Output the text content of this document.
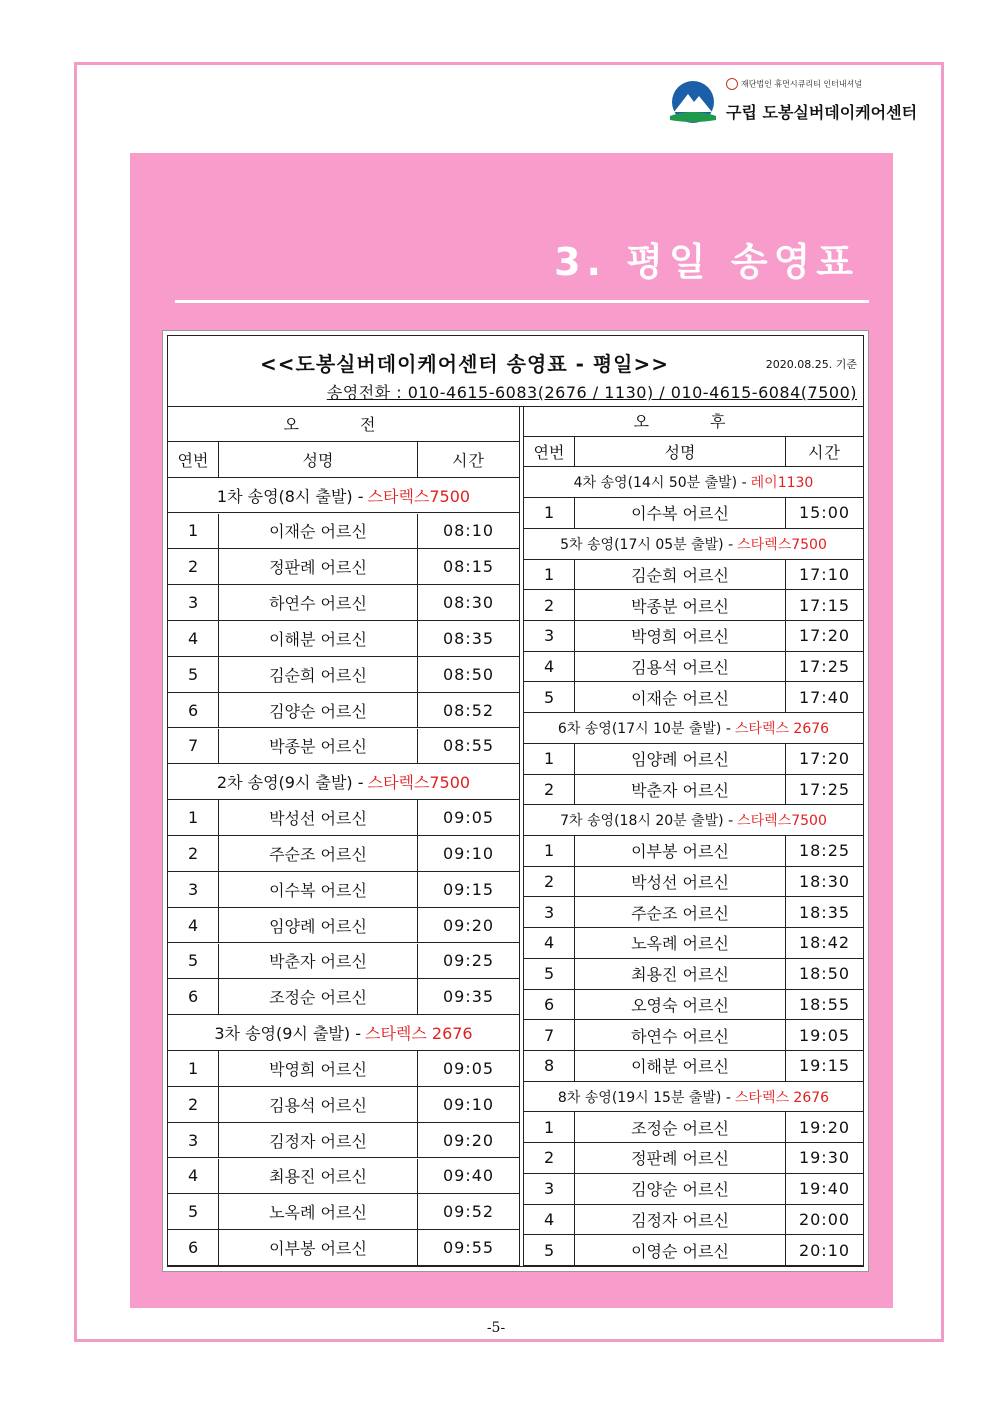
재단법인 휴먼시큐리티 인터내셔널
구립 도봉실버데이케어센터
3. 평일 송영표
<<도봉실버데이케어센터 송영표 - 평일>>	2020.08.25. 기준
송영전화 : 010-4615-6083(2676 / 1130) / 010-4615-6084(7500)
오 전
연번	성명	시간
1차 송영(8시 출발) - 스타렉스7500
1	이재순 어르신	08:10
2	정판례 어르신	08:15
3	하연수 어르신	08:30
4	이해분 어르신	08:35
5	김순희 어르신	08:50
6	김양순 어르신	08:52
7	박종분 어르신	08:55
2차 송영(9시 출발) - 스타렉스7500
1	박성선 어르신	09:05
2	주순조 어르신	09:10
3	이수복 어르신	09:15
4	임양례 어르신	09:20
5	박춘자 어르신	09:25
6	조정순 어르신	09:35
3차 송영(9시 출발) - 스타렉스 2676
1	박영희 어르신	09:05
2	김용석 어르신	09:10
3	김정자 어르신	09:20
4	최용진 어르신	09:40
5	노옥례 어르신	09:52
6	이부봉 어르신	09:55
오 후
연번	성명	시간
4차 송영(14시 50분 출발) - 레이1130
1	이수복 어르신	15:00
5차 송영(17시 05분 출발) - 스타렉스7500
1	김순희 어르신	17:10
2	박종분 어르신	17:15
3	박영희 어르신	17:20
4	김용석 어르신	17:25
5	이재순 어르신	17:40
6차 송영(17시 10분 출발) - 스타렉스 2676
1	임양례 어르신	17:20
2	박춘자 어르신	17:25
7차 송영(18시 20분 출발) - 스타렉스7500
1	이부봉 어르신	18:25
2	박성선 어르신	18:30
3	주순조 어르신	18:35
4	노옥례 어르신	18:42
5	최용진 어르신	18:50
6	오영숙 어르신	18:55
7	하연수 어르신	19:05
8	이해분 어르신	19:15
8차 송영(19시 15분 출발) - 스타렉스 2676
1	조정순 어르신	19:20
2	정판례 어르신	19:30
3	김양순 어르신	19:40
4	김정자 어르신	20:00
5	이영순 어르신	20:10
-5-
